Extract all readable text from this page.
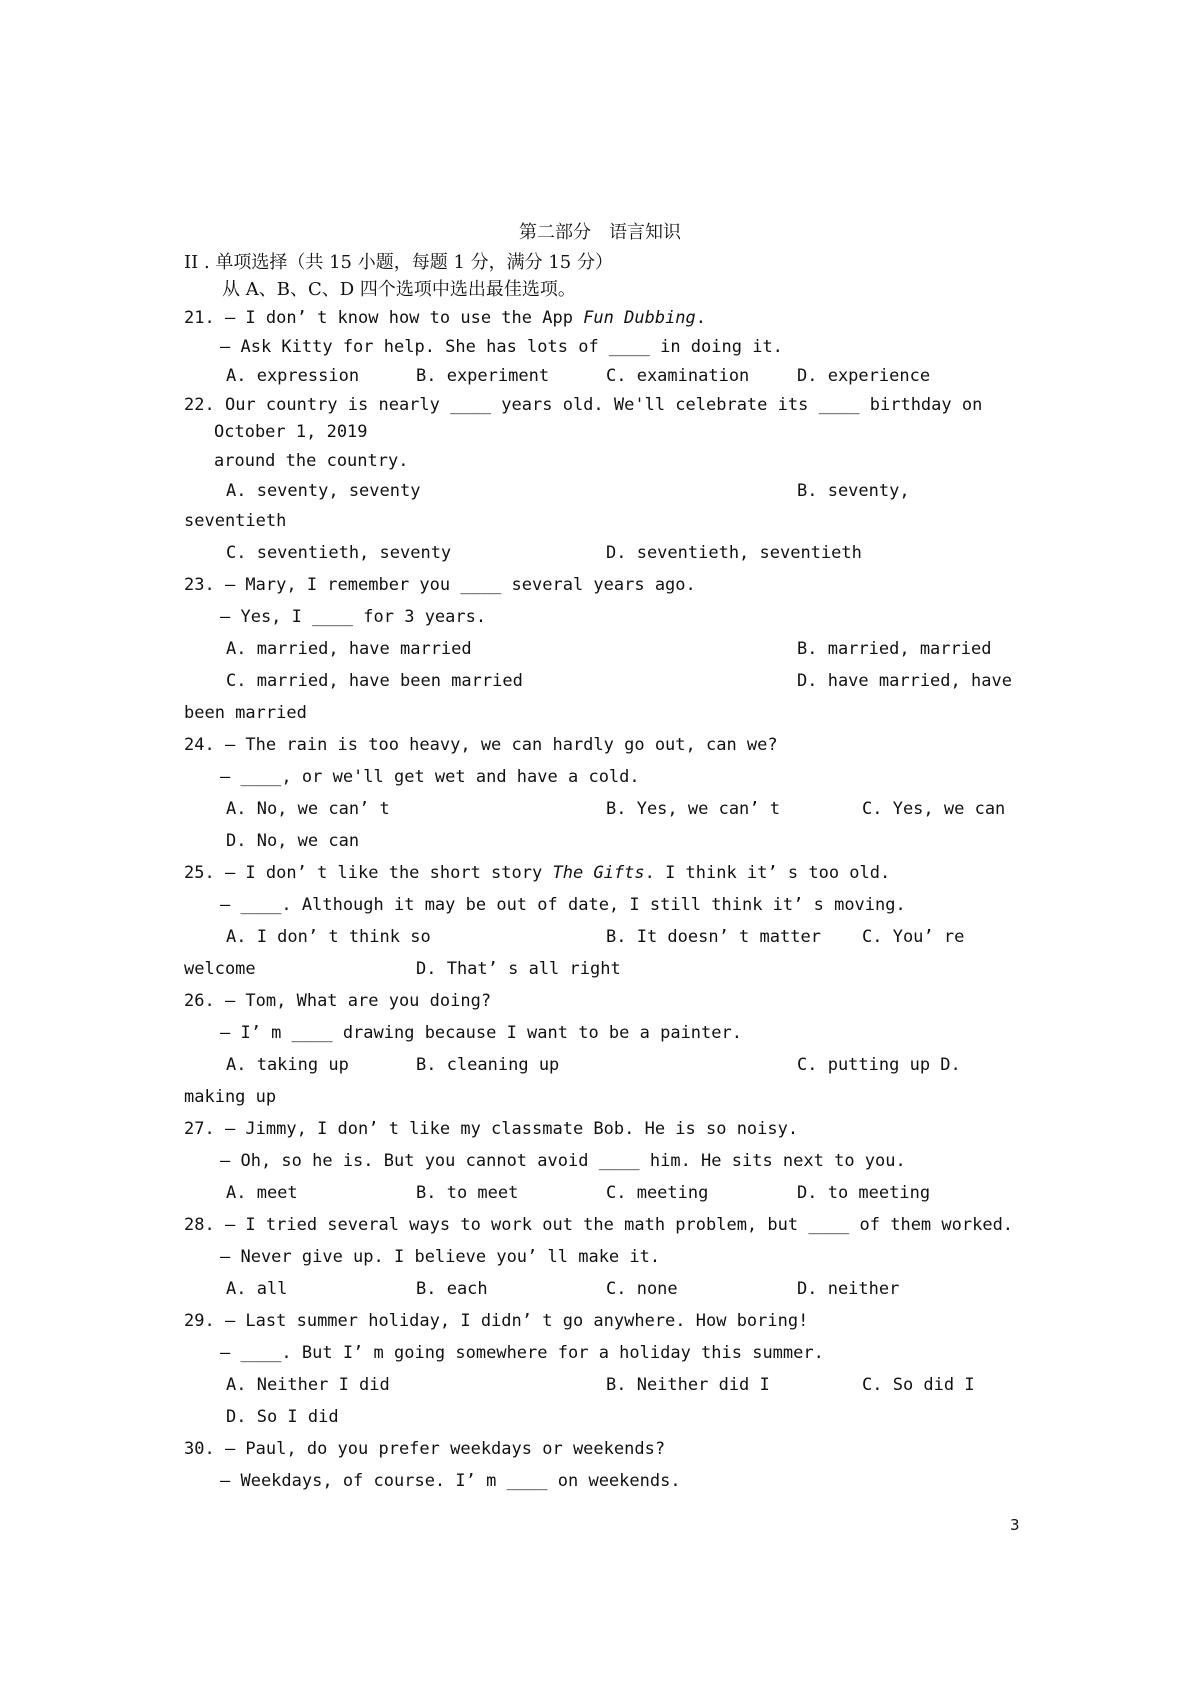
第二部分 语言知识
II . 单项选择（共 15 小题，每题 1 分，满分 15 分）
从 A、B、C、D 四个选项中选出最佳选项。
21. – I don’ t know how to use the App Fun Dubbing.
– Ask Kitty for help. She has lots of ____ in doing it.
A. expression	B. experiment	C. examination	D. experience
22. Our country is nearly ____ years old. We'll celebrate its ____ birthday on
October 1, 2019
around the country.
A. seventy, seventy	B. seventy,
seventieth
C. seventieth, seventy	D. seventieth, seventieth
23. – Mary, I remember you ____ several years ago.
– Yes, I ____ for 3 years.
A. married, have married	B. married, married
C. married, have been married	D. have married, have
been married
24. – The rain is too heavy, we can hardly go out, can we?
– ____, or we'll get wet and have a cold.
A. No, we can’ t	B. Yes, we can’ t	C. Yes, we can
D. No, we can
25. – I don’ t like the short story The Gifts. I think it’ s too old.
– ____. Although it may be out of date, I still think it’ s moving.
A. I don’ t think so	B. It doesn’ t matter C. You’ re
welcome	D. That’ s all right
26. – Tom, What are you doing?
– I’ m ____ drawing because I want to be a painter.
A. taking up	B. cleaning up	C. putting up D.
making up
27. – Jimmy, I don’ t like my classmate Bob. He is so noisy.
– Oh, so he is. But you cannot avoid ____ him. He sits next to you.
A. meet	B. to meet	C. meeting	D. to meeting
28. – I tried several ways to work out the math problem, but ____ of them worked.
– Never give up. I believe you’ ll make it.
A. all	B. each	C. none	D. neither
29. – Last summer holiday, I didn’ t go anywhere. How boring!
– ____. But I’ m going somewhere for a holiday this summer.
A. Neither I did	B. Neither did I	C. So did I
D. So I did
30. – Paul, do you prefer weekdays or weekends?
– Weekdays, of course. I’ m ____ on weekends.
3
